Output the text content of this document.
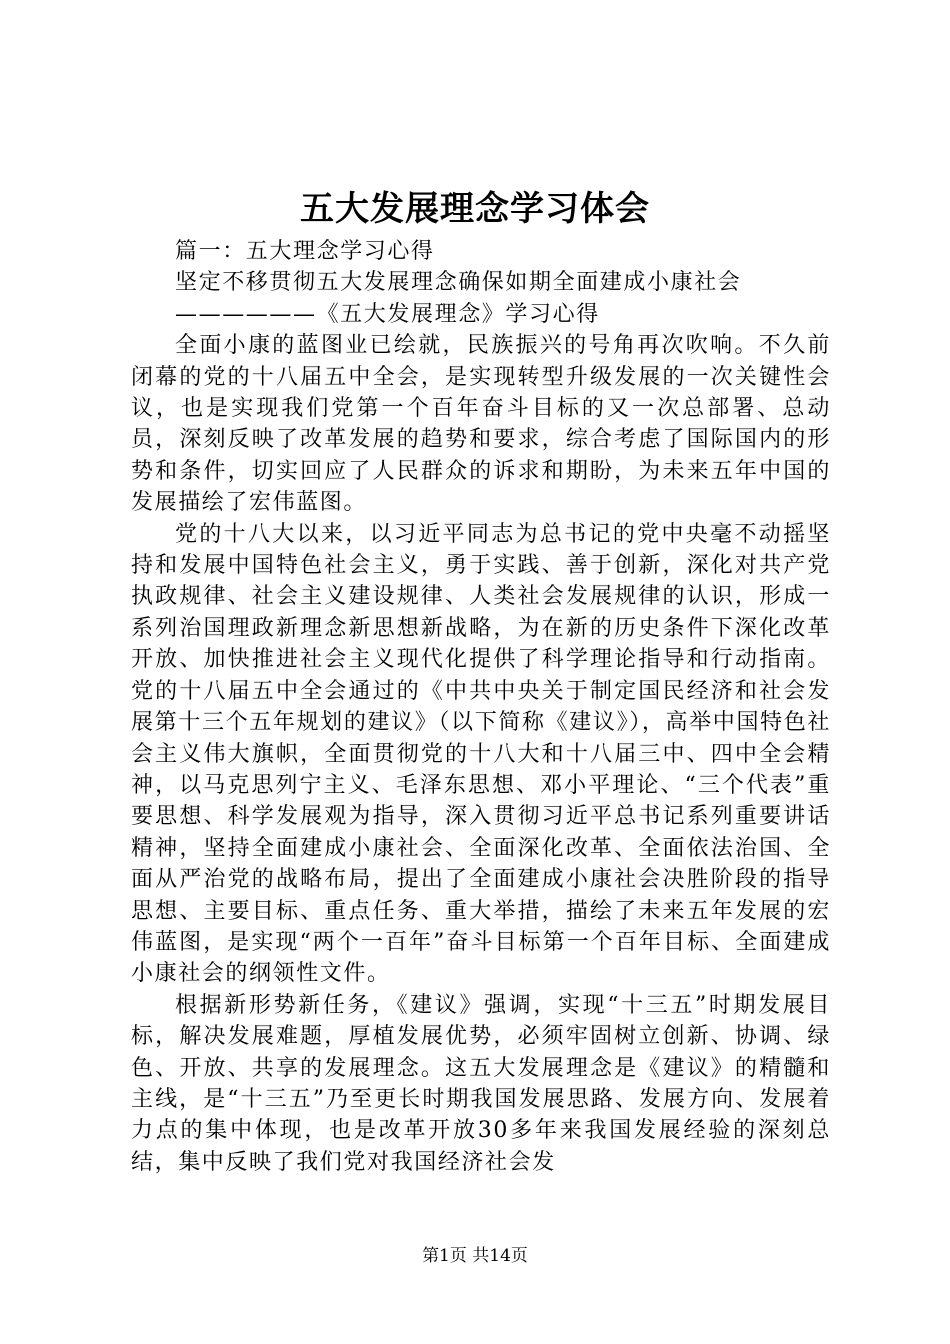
五大发展理念学习体会

篇一：五大理念学习心得

坚定不移贯彻五大发展理念确保如期全面建成小康社会

——————《五大发展理念》学习心得

全面小康的蓝图业已绘就，民族振兴的号角再次吹响。不久前闭幕的党的十八届五中全会，是实现转型升级发展的一次关键性会议，也是实现我们党第一个百年奋斗目标的又一次总部署、总动员，深刻反映了改革发展的趋势和要求，综合考虑了国际国内的形势和条件，切实回应了人民群众的诉求和期盼，为未来五年中国的发展描绘了宏伟蓝图。

党的十八大以来，以习近平同志为总书记的党中央毫不动摇坚持和发展中国特色社会主义，勇于实践、善于创新，深化对共产党执政规律、社会主义建设规律、人类社会发展规律的认识，形成一系列治国理政新理念新思想新战略，为在新的历史条件下深化改革开放、加快推进社会主义现代化提供了科学理论指导和行动指南。党的十八届五中全会通过的《中共中央关于制定国民经济和社会发展第十三个五年规划的建议》（以下简称《建议》），高举中国特色社会主义伟大旗帜，全面贯彻党的十八大和十八届三中、四中全会精神，以马克思列宁主义、毛泽东思想、邓小平理论、“三个代表”重要思想、科学发展观为指导，深入贯彻习近平总书记系列重要讲话精神，坚持全面建成小康社会、全面深化改革、全面依法治国、全面从严治党的战略布局，提出了全面建成小康社会决胜阶段的指导思想、主要目标、重点任务、重大举措，描绘了未来五年发展的宏伟蓝图，是实现“两个一百年”奋斗目标第一个百年目标、全面建成小康社会的纲领性文件。

根据新形势新任务，《建议》强调，实现“十三五”时期发展目标，解决发展难题，厚植发展优势，必须牢固树立创新、协调、绿色、开放、共享的发展理念。这五大发展理念是《建议》的精髓和主线，是“十三五”乃至更长时期我国发展思路、发展方向、发展着力点的集中体现，也是改革开放30多年来我国发展经验的深刻总结，集中反映了我们党对我国经济社会发

第1页 共14页
